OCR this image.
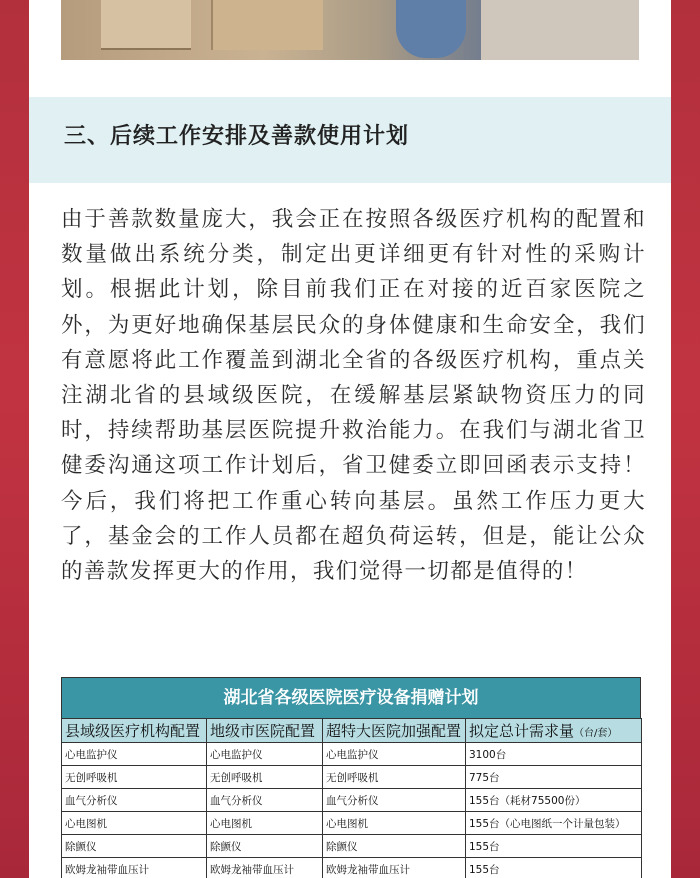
三、后续工作安排及善款使用计划

由于善款数量庞大，我会正在按照各级医疗机构的配置和数量做出系统分类，制定出更详细更有针对性的采购计划。根据此计划，除目前我们正在对接的近百家医院之外，为更好地确保基层民众的身体健康和生命安全，我们有意愿将此工作覆盖到湖北全省的各级医疗机构，重点关注湖北省的县域级医院，在缓解基层紧缺物资压力的同时，持续帮助基层医院提升救治能力。在我们与湖北省卫健委沟通这项工作计划后，省卫健委立即回函表示支持！今后，我们将把工作重心转向基层。虽然工作压力更大了，基金会的工作人员都在超负荷运转，但是，能让公众的善款发挥更大的作用，我们觉得一切都是值得的！

湖北省各级医院医疗设备捐赠计划
县域级医疗机构配置	地级市医院配置	超特大医院加强配置	拟定总计需求量（台/套）
心电监护仪	心电监护仪	心电监护仪	3100台
无创呼吸机	无创呼吸机	无创呼吸机	775台
血气分析仪	血气分析仪	血气分析仪	155台（耗材75500份）
心电图机	心电图机	心电图机	155台（心电图纸一个计量包装）
除颤仪	除颤仪	除颤仪	155台
欧姆龙袖带血压计	欧姆龙袖带血压计	欧姆龙袖带血压计	155台
